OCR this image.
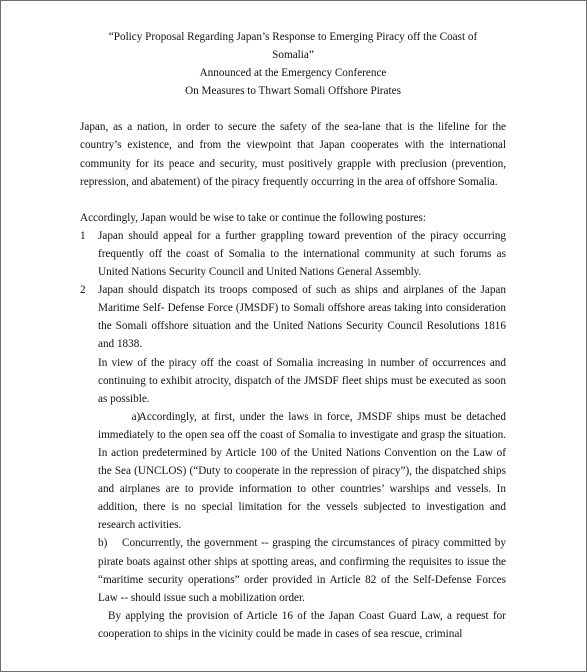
“Policy Proposal Regarding Japan’s Response to Emerging Piracy off the Coast of
Somalia”
Announced at the Emergency Conference
On Measures to Thwart Somali Offshore Pirates

Japan, as a nation, in order to secure the safety of the sea-lane that is the lifeline for the country’s existence, and from the viewpoint that Japan cooperates with the international community for its peace and security, must positively grapple with preclusion (prevention, repression, and abatement) of the piracy frequently occurring in the area of offshore Somalia.

Accordingly, Japan would be wise to take or continue the following postures:

1 Japan should appeal for a further grappling toward prevention of the piracy occurring frequently off the coast of Somalia to the international community at such forums as United Nations Security Council and United Nations General Assembly.
2 Japan should dispatch its troops composed of such as ships and airplanes of the Japan Maritime Self- Defense Force (JMSDF) to Somali offshore areas taking into consideration the Somali offshore situation and the United Nations Security Council Resolutions 1816 and 1838.

In view of the piracy off the coast of Somalia increasing in number of occurrences and continuing to exhibit atrocity, dispatch of the JMSDF fleet ships must be executed as soon as possible.

a)Accordingly, at first, under the laws in force, JMSDF ships must be detached immediately to the open sea off the coast of Somalia to investigate and grasp the situation. In action predetermined by Article 100 of the United Nations Convention on the Law of the Sea (UNCLOS) (“Duty to cooperate in the repression of piracy”), the dispatched ships and airplanes are to provide information to other countries’ warships and vessels. In addition, there is no special limitation for the vessels subjected to investigation and research activities.

b) Concurrently, the government -- grasping the circumstances of piracy committed by pirate boats against other ships at spotting areas, and confirming the requisites to issue the “maritime security operations” order provided in Article 82 of the Self-Defense Forces Law -- should issue such a mobilization order.

By applying the provision of Article 16 of the Japan Coast Guard Law, a request for cooperation to ships in the vicinity could be made in cases of sea rescue, criminal
